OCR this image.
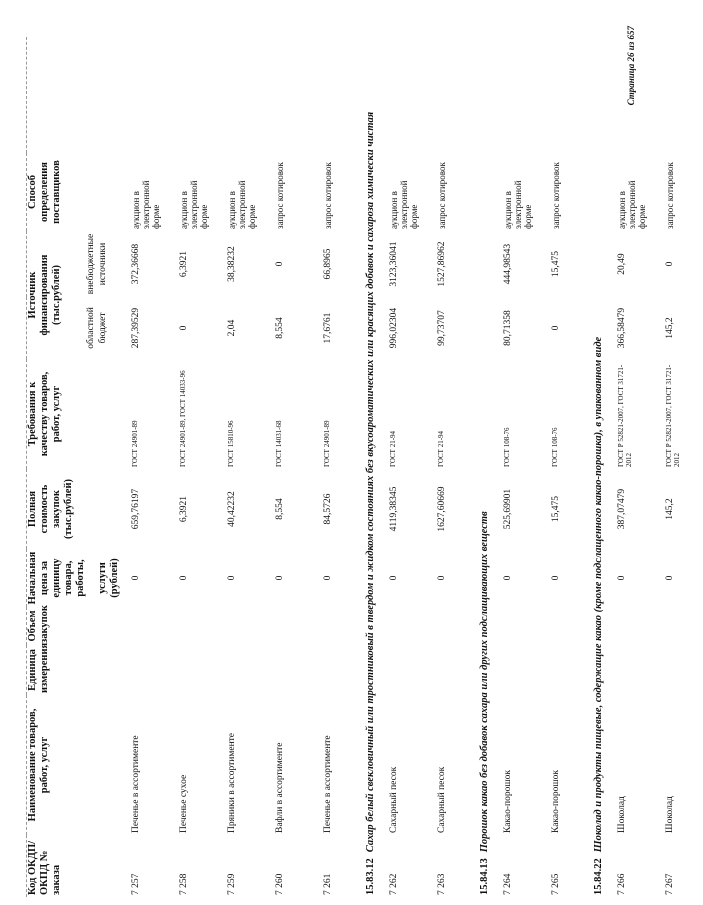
Код ОКДП/ ОКПД № заказа	Наименование товаров, работ, услуг	Единица измерения	Объем закупок	Начальная цена за единицу товара, работы, услуги (рублей)	Полная стоимость закупок (тыс.рублей)	Требования к качеству товаров, работ, услуг	Источник финансирования (тыс.рублей)		Способ определения поставщиков	
							областной бюджет	внебюджетные источники		
7 257	Печенье в ассортименте			0	659,76197	ГОСТ 24901-89	287,39529	372,36668	аукцион в электронной форме	
7 258	Печенье сухое			0	6,3921	ГОСТ 24901-89, ГОСТ 14033-96	0	6,3921	аукцион в электронной форме	
7 259	Пряники в ассортименте			0	40,42232	ГОСТ 15810-96	2,04	38,38232	аукцион в электронной форме	
7 260	Вафли в ассортименте			0	8,554	ГОСТ 14031-68	8,554	0	запрос котировок	
7 261	Печенье в ассортименте			0	84,5726	ГОСТ 24901-89	17,6761	66,8965	запрос котировок	
15.83.12Сахар белый свекловичный или тростниковый в твердом и жидком состояниях без вкусоароматических или красящих добавок и сахароза химически чистая										
7 262	Сахарный песок			0	4119,38345	ГОСТ 21-94	996,02304	3123,36041	аукцион в электронной форме	
7 263	Сахарный песок			0	1627,60669	ГОСТ 21-94	99,73707	1527,86962	запрос котировок	
15.84.13Порошок какао без добавок сахара или других подслащивающих веществ										
7 264	Какао-порошок			0	525,69901	ГОСТ 108-76	80,71358	444,98543	аукцион в электронной форме	
7 265	Какао-порошок			0	15,475	ГОСТ 108-76	0	15,475	запрос котировок	
15.84.22Шоколад и продукты пищевые, содержащие какао (кроме подслащенного какао-порошка), в упакованном виде										
7 266	Шоколад			0	387,07479	ГОСТ Р 52821-2007, ГОСТ 31721-2012	366,58479	20,49	аукцион в электронной форме	
7 267	Шоколад			0	145,2	ГОСТ Р 52821-2007, ГОСТ 31721-2012	145,2	0	запрос котировок	
Страница 26 из 657
